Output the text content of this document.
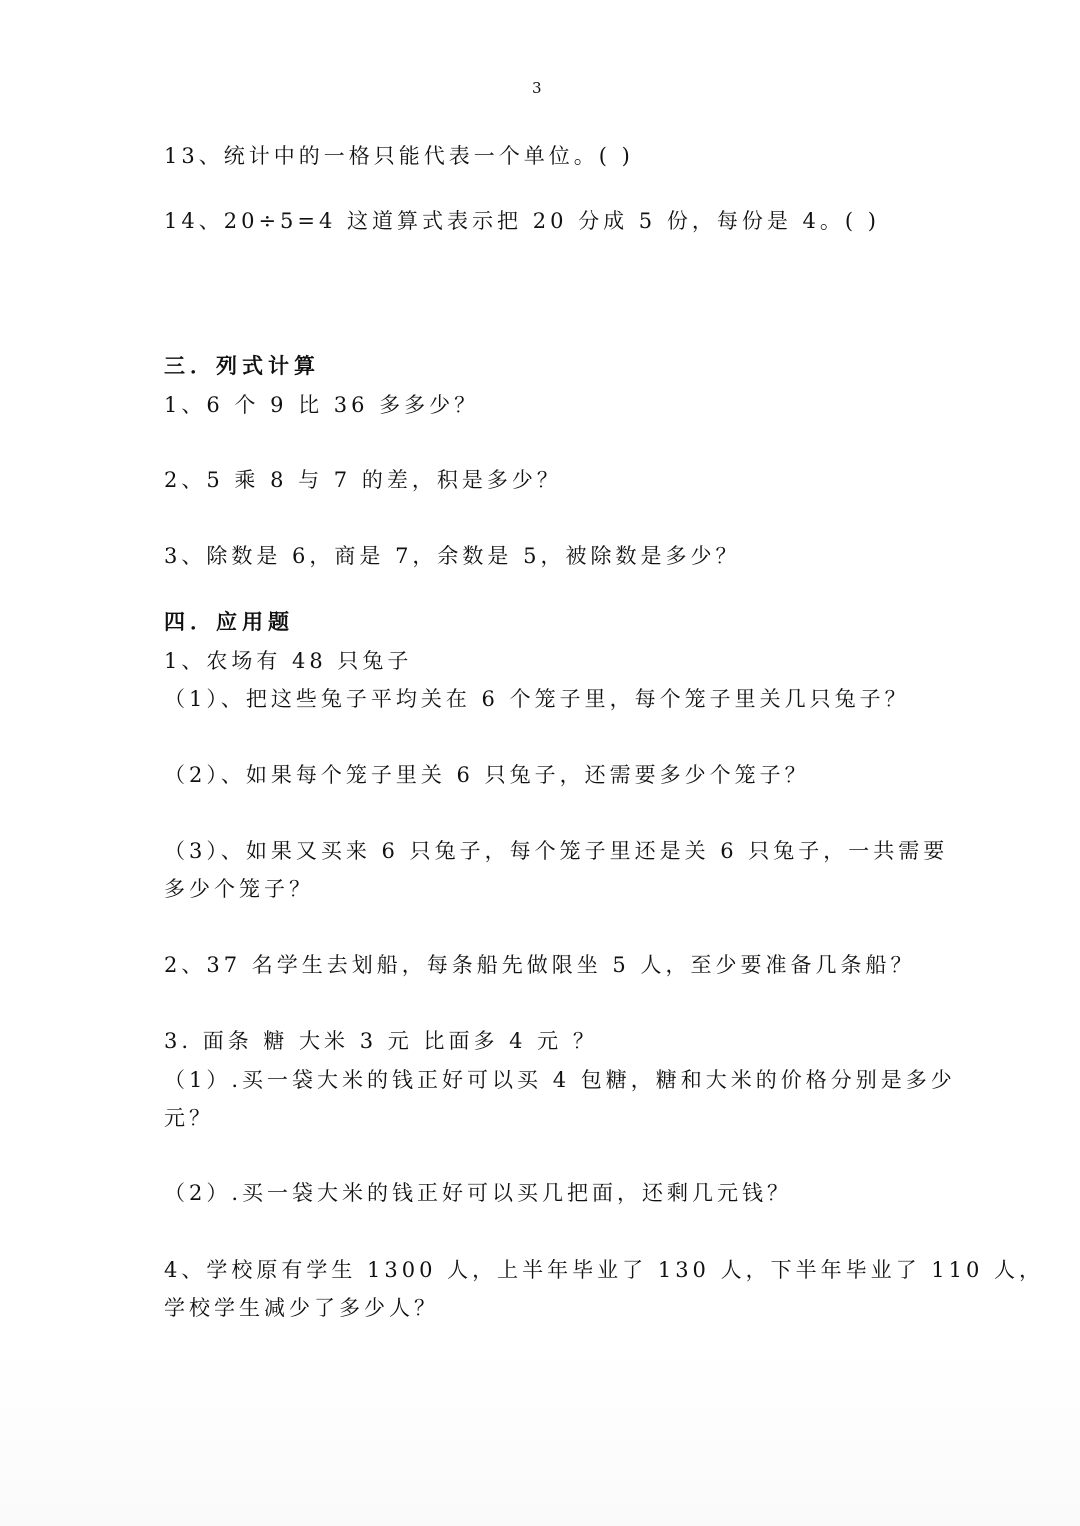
3
13、统计中的一格只能代表一个单位。( )
14、20÷5=4 这道算式表示把 20 分成 5 份，每份是 4。( )
三．列式计算
1、6 个 9 比 36 多多少？
2、5 乘 8 与 7 的差，积是多少？
3、除数是 6，商是 7，余数是 5，被除数是多少？
四．应用题
1、农场有 48 只兔子
（1）、把这些兔子平均关在 6 个笼子里，每个笼子里关几只兔子？
（2）、如果每个笼子里关 6 只兔子，还需要多少个笼子？
（3）、如果又买来 6 只兔子，每个笼子里还是关 6 只兔子，一共需要
多少个笼子？
2、37 名学生去划船，每条船先做限坐 5 人，至少要准备几条船？
3. 面条 糖 大米 3 元 比面多 4 元 ？
（1）.买一袋大米的钱正好可以买 4 包糖，糖和大米的价格分别是多少
元？
（2）.买一袋大米的钱正好可以买几把面，还剩几元钱？
4、学校原有学生 1300 人，上半年毕业了 130 人，下半年毕业了 110 人，
学校学生减少了多少人？
